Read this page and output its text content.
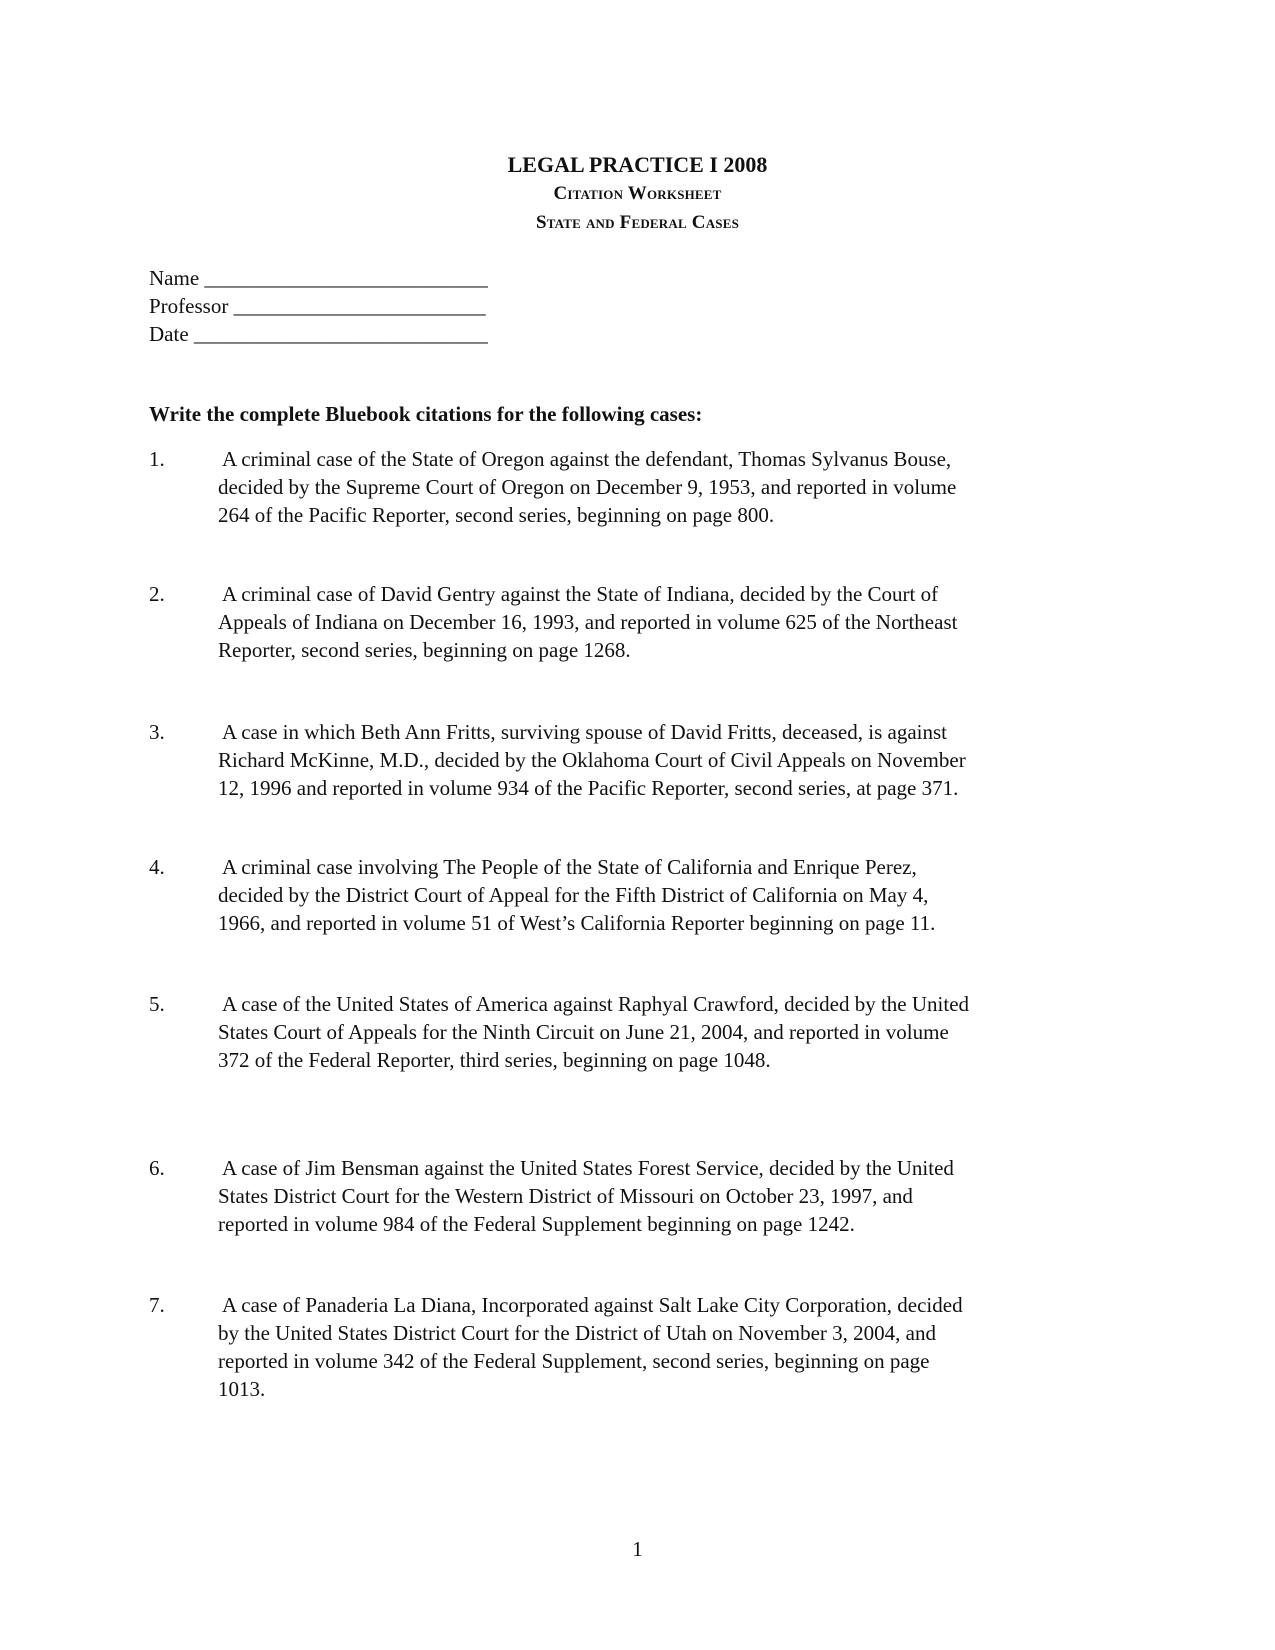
LEGAL PRACTICE I 2008
Citation Worksheet
State and Federal Cases
Name ___________________________
Professor ________________________
Date ____________________________
Write the complete Bluebook citations for the following cases:
1.	A criminal case of the State of Oregon against the defendant, Thomas Sylvanus Bouse,
decided by the Supreme Court of Oregon on December 9, 1953, and reported in volume
264 of the Pacific Reporter, second series, beginning on page 800.
2.	A criminal case of David Gentry against the State of Indiana, decided by the Court of
Appeals of Indiana on December 16, 1993, and reported in volume 625 of the Northeast
Reporter, second series, beginning on page 1268.
3.	A case in which Beth Ann Fritts, surviving spouse of David Fritts, deceased, is against
Richard McKinne, M.D., decided by the Oklahoma Court of Civil Appeals on November
12, 1996 and reported in volume 934 of the Pacific Reporter, second series, at page 371.
4.	A criminal case involving The People of the State of California and Enrique Perez,
decided by the District Court of Appeal for the Fifth District of California on May 4,
1966, and reported in volume 51 of West’s California Reporter beginning on page 11.
5.	A case of the United States of America against Raphyal Crawford, decided by the United
States Court of Appeals for the Ninth Circuit on June 21, 2004, and reported in volume
372 of the Federal Reporter, third series, beginning on page 1048.
6.	A case of Jim Bensman against the United States Forest Service, decided by the United
States District Court for the Western District of Missouri on October 23, 1997, and
reported in volume 984 of the Federal Supplement beginning on page 1242.
7.	A case of Panaderia La Diana, Incorporated against Salt Lake City Corporation, decided
by the United States District Court for the District of Utah on November 3, 2004, and
reported in volume 342 of the Federal Supplement, second series, beginning on page
1013.
1
